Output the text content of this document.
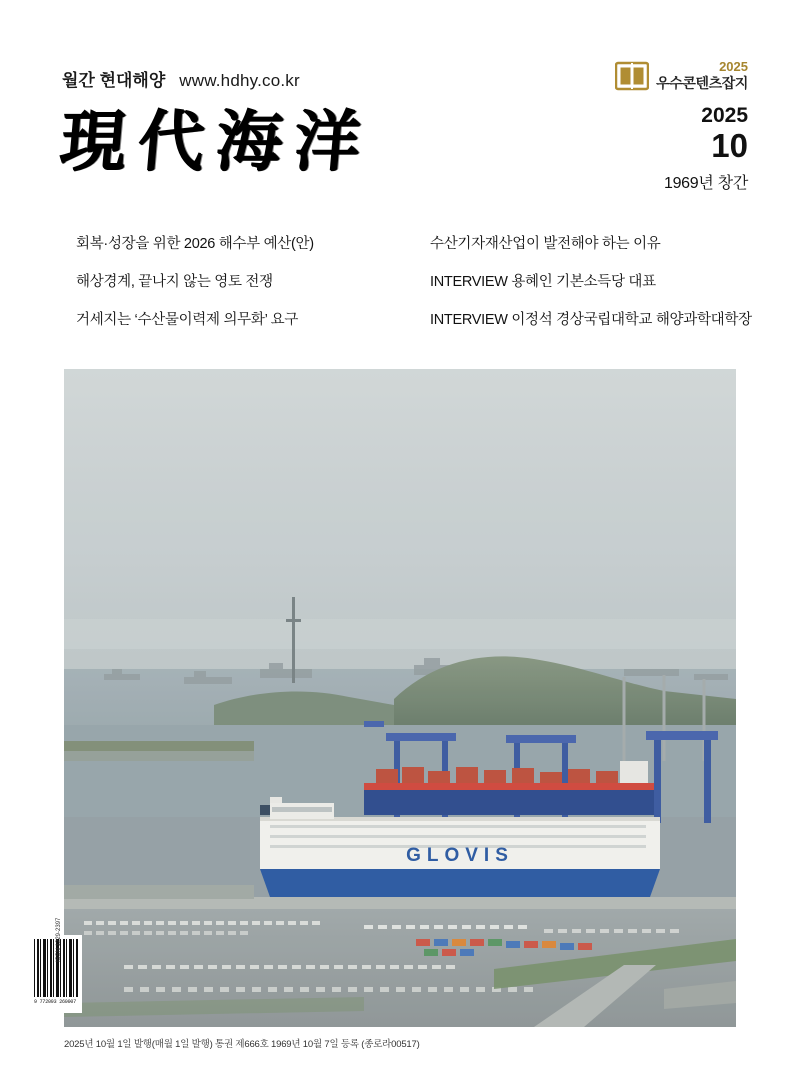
월간 현대해양 www.hdhy.co.kr
現代海洋
2025
우수콘텐츠잡지
2025
10
1969년 창간
회복·성장을 위한 2026 해수부 예산(안)
해상경계, 끝나지 않는 영토 전쟁
거세지는 ‘수산물이력제 의무화’ 요구
수산기자재산업이 발전해야 하는 이유
INTERVIEW 용혜인 기본소득당 대표
INTERVIEW 이정석 경상국립대학교 해양과학대학장
GLOVIS
9 772093 260007
ISSN 1229-2397
2025년 10월 1일 발행(매월 1일 발행) 통권 제666호 1969년 10월 7일 등록 (종로라00517)
